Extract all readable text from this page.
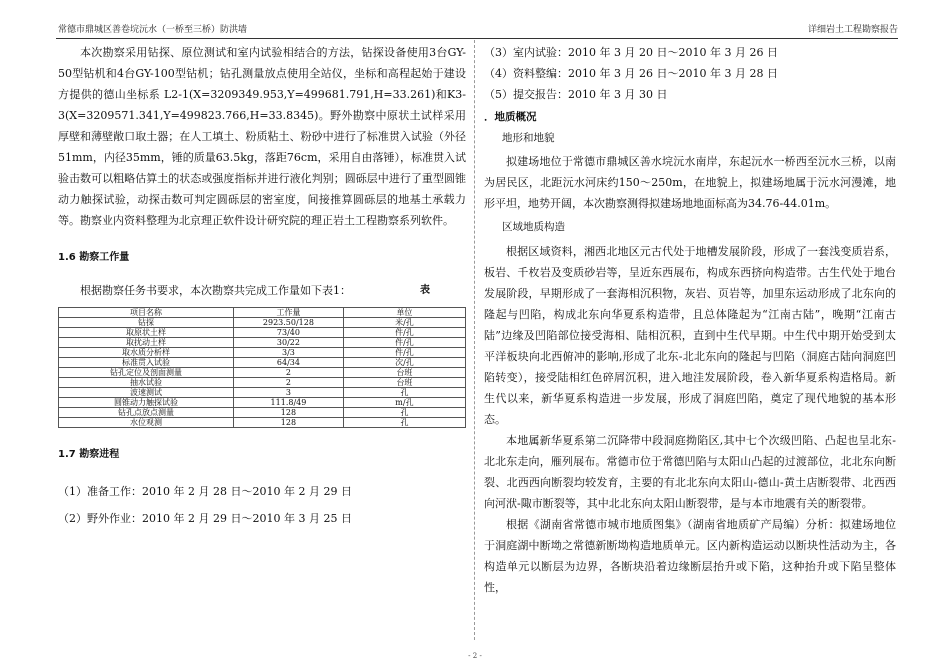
常德市鼎城区善卷垸沅水（一桥至三桥）防洪墙	详细岩土工程勘察报告

本次勘察采用钻探、原位测试和室内试验相结合的方法，钻探设备使用3台GY-50型钻机和4台GY-100型钻机；钻孔测量放点使用全站仪，坐标和高程起始于建设方提供的德山坐标系 L2-1(X=3209349.953,Y=499681.791,H=33.261)和K3-3(X=3209571.341,Y=499823.766,H=33.8345)。野外勘察中原状土试样采用厚壁和薄壁敞口取土器；在人工填土、粉质粘土、粉砂中进行了标准贯入试验（外径51mm，内径35mm，锤的质量63.5kg，落距76cm，采用自由落锤），标准贯入试验击数可以粗略估算土的状态或强度指标并进行液化判别；圆砾层中进行了重型圆锥动力触探试验，动探击数可判定圆砾层的密室度，间接推算圆砾层的地基土承载力等。勘察业内资料整理为北京理正软件设计研究院的理正岩土工程勘察系列软件。

1.6 勘察工作量
根据勘察任务书要求，本次勘察共完成工作量如下表1：	表
项目名称	工作量	单位
钻探	2923.50/128	米/孔
取原状土样	73/40	件/孔
取扰动土样	30/22	件/孔
取水质分析样	3/3	件/孔
标准贯入试验	64/34	次/孔
钻孔定位及剖面测量	2	台班
抽水试验	2	台班
波速测试	3	孔
圆锥动力触探试验	111.8/49	m/孔
钻孔点放点测量	128	孔
水位观测	128	孔
1.7 勘察进程

（1）准备工作：2010 年 2 月 28 日～2010 年 2 月 29 日

（2）野外作业：2010 年 2 月 29 日～2010 年 3 月 25 日

（3）室内试验：2010 年 3 月 20 日～2010 年 3 月 26 日

（4）资料整编：2010 年 3 月 26 日～2010 年 3 月 28 日

（5）提交报告：2010 年 3 月 30 日

．地质概况

地形和地貌

拟建场地位于常德市鼎城区善水垸沅水南岸，东起沅水一桥西至沅水三桥，以南为居民区，北距沅水河床约150～250m，在地貌上，拟建场地属于沅水河漫滩，地形平坦，地势开阔，本次勘察测得拟建场地地面标高为34.76-44.01m。

区域地质构造

根据区域资料，湘西北地区元古代处于地槽发展阶段，形成了一套浅变质岩系，板岩、千枚岩及变质砂岩等，呈近东西展布，构成东西挤向构造带。古生代处于地台发展阶段，早期形成了一套海相沉积物，灰岩、页岩等，加里东运动形成了北东向的隆起与凹陷，构成北东向华夏系构造带，且总体隆起为“江南古陆”，晚期“江南古陆”边缘及凹陷部位接受海相、陆相沉积，直到中生代早期。中生代中期开始受到太平洋板块向北西俯冲的影响,形成了北东-北北东向的隆起与凹陷（洞庭古陆向洞庭凹陷转变），接受陆相红色碎屑沉积，进入地洼发展阶段，卷入新华夏系构造格局。新生代以来，新华夏系构造进一步发展，形成了洞庭凹陷，奠定了现代地貌的基本形态。

本地属新华夏系第二沉降带中段洞庭拗陷区,其中七个次级凹陷、凸起也呈北东-北北东走向，雁列展布。常德市位于常德凹陷与太阳山凸起的过渡部位，北北东向断裂、北西西向断裂均较发育，主要的有北北东向太阳山-德山-黄土店断裂带、北西西向河洑-陬市断裂等，其中北北东向太阳山断裂带，是与本市地震有关的断裂带。

根据《湖南省常德市城市地质图集》（湖南省地质矿产局编）分析：拟建场地位于洞庭湖中断坳之常德新断坳构造地质单元。区内新构造运动以断块性活动为主，各构造单元以断层为边界，各断块沿着边缘断层抬升或下陷，这种抬升或下陷呈整体性，

- 2 -
